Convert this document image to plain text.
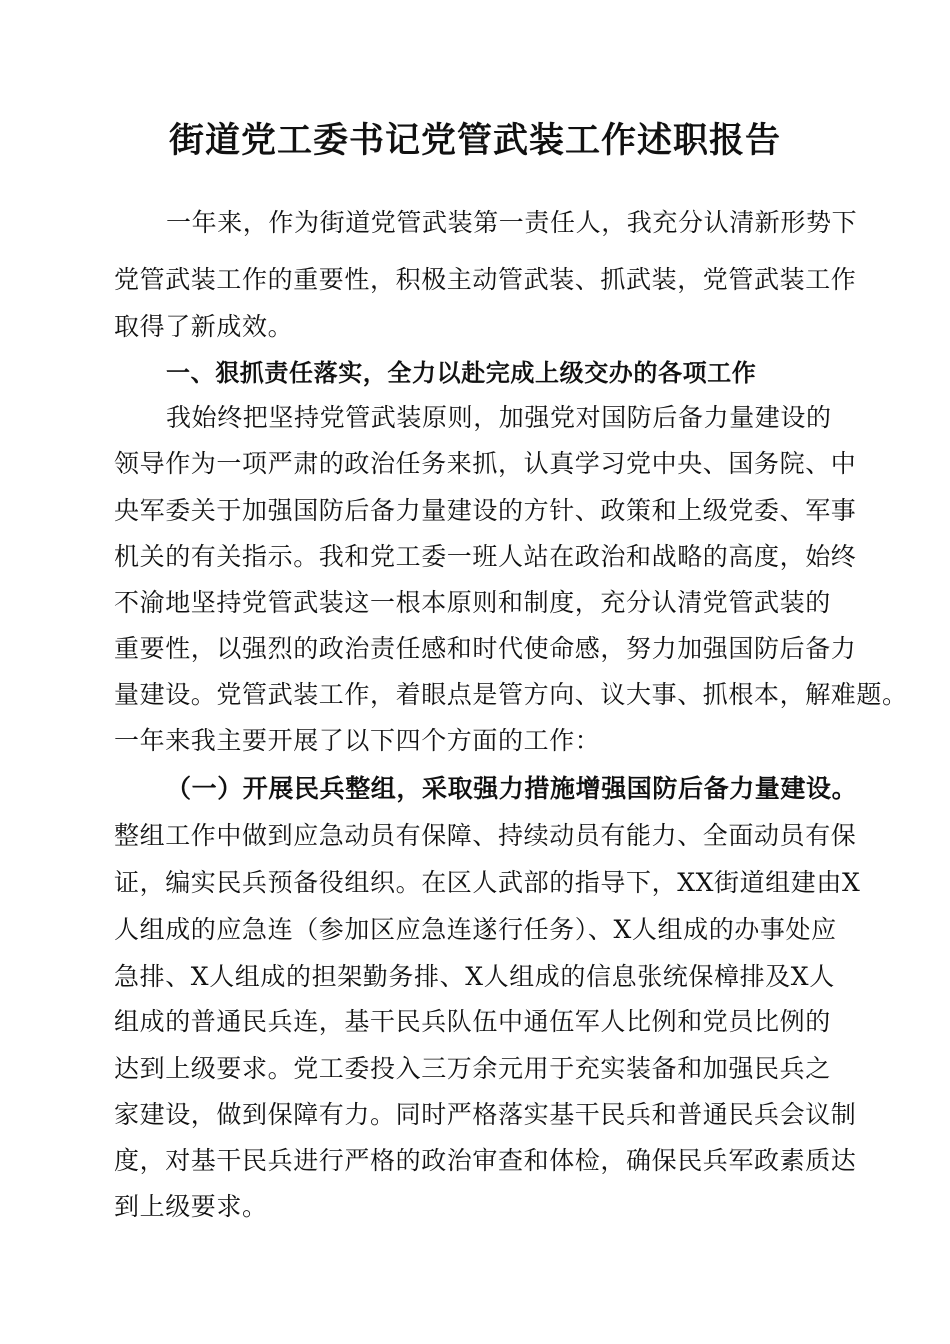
街道党工委书记党管武装工作述职报告
一年来，作为街道党管武装第一责任人，我充分认清新形势下
党管武装工作的重要性，积极主动管武装、抓武装，党管武装工作
取得了新成效。
一、狠抓责任落实，全力以赴完成上级交办的各项工作
我始终把坚持党管武装原则，加强党对国防后备力量建设的
领导作为一项严肃的政治任务来抓，认真学习党中央、国务院、中
央军委关于加强国防后备力量建设的方针、政策和上级党委、军事
机关的有关指示。我和党工委一班人站在政治和战略的高度，始终
不渝地坚持党管武装这一根本原则和制度，充分认清党管武装的
重要性，以强烈的政治责任感和时代使命感，努力加强国防后备力
量建设。党管武装工作，着眼点是管方向、议大事、抓根本，解难题。
一年来我主要开展了以下四个方面的工作：
（一）开展民兵整组，采取强力措施增强国防后备力量建设。
整组工作中做到应急动员有保障、持续动员有能力、全面动员有保
证，编实民兵预备役组织。在区人武部的指导下，XX街道组建由X
人组成的应急连（参加区应急连遂行任务）、X人组成的办事处应
急排、X人组成的担架勤务排、X人组成的信息张统保樟排及X人
组成的普通民兵连，基干民兵队伍中通伍军人比例和党员比例的
达到上级要求。党工委投入三万余元用于充实装备和加强民兵之
家建设，做到保障有力。同时严格落实基干民兵和普通民兵会议制
度，对基干民兵进行严格的政治审查和体检，确保民兵军政素质达
到上级要求。
